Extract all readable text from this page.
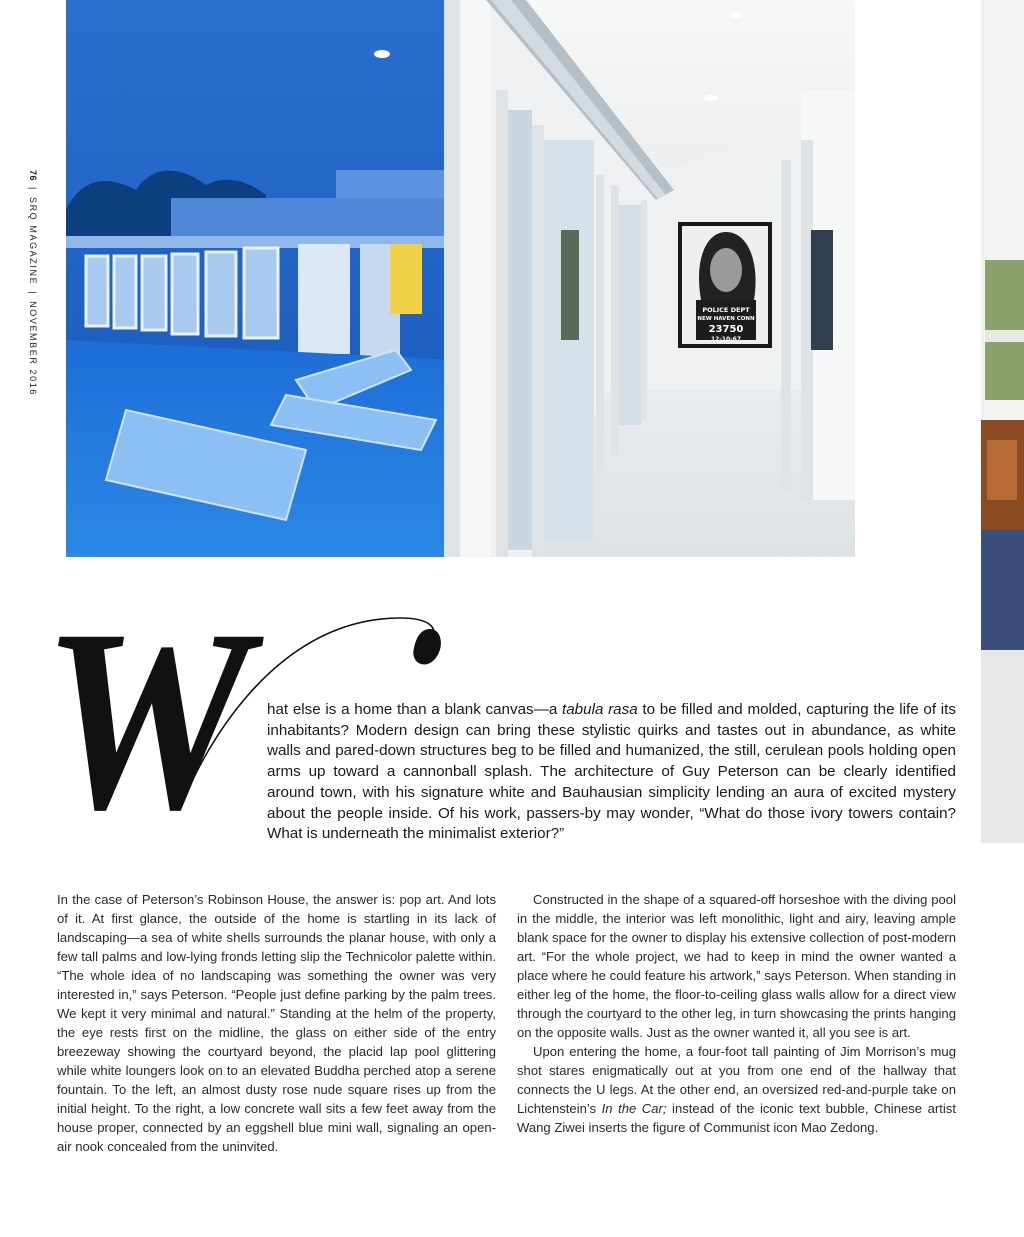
76|SRQ MAGAZINE|NOVEMBER 2016	POLICE DEPT
NEW HAVEN CONN
23750
12-10-67
W hat else is a home than a blank canvas—a tabula rasa to be filled and molded, capturing the life of its inhabitants? Modern design can bring these stylistic quirks and tastes out in abundance, as white walls and pared-down structures beg to be filled and humanized, the still, cerulean pools holding open arms up toward a cannonball splash. The architecture of Guy Peterson can be clearly identified around town, with his signature white and Bauhausian simplicity lending an aura of excited mystery about the people inside. Of his work, passers-by may wonder, “What do those ivory towers contain? What is underneath the minimalist exterior?”

In the case of Peterson’s Robinson House, the answer is: pop art. And lots of it. At first glance, the outside of the home is startling in its lack of landscaping—a sea of white shells surrounds the planar house, with only a few tall palms and low-lying fronds letting slip the Technicolor palette within. “The whole idea of no landscaping was something the owner was very interested in,” says Peterson. “People just define parking by the palm trees. We kept it very minimal and natural.” Standing at the helm of the property, the eye rests first on the midline, the glass on either side of the entry breezeway showing the courtyard beyond, the placid lap pool glittering while white loungers look on to an elevated Buddha perched atop a serene fountain. To the left, an almost dusty rose nude square rises up from the initial height. To the right, a low concrete wall sits a few feet away from the house proper, connected by an eggshell blue mini wall, signaling an open-air nook concealed from the uninvited.

Constructed in the shape of a squared-off horseshoe with the diving pool in the middle, the interior was left monolithic, light and airy, leaving ample blank space for the owner to display his extensive collection of post-modern art. “For the whole project, we had to keep in mind the owner wanted a place where he could feature his artwork,” says Peterson. When standing in either leg of the home, the floor-to-ceiling glass walls allow for a direct view through the courtyard to the other leg, in turn showcasing the prints hanging on the opposite walls. Just as the owner wanted it, all you see is art.

Upon entering the home, a four-foot tall painting of Jim Morrison’s mug shot stares enigmatically out at you from one end of the hallway that connects the U legs. At the other end, an oversized red-and-purple take on Lichtenstein’s In the Car; instead of the iconic text bubble, Chinese artist Wang Ziwei inserts the figure of Communist icon Mao Zedong.
